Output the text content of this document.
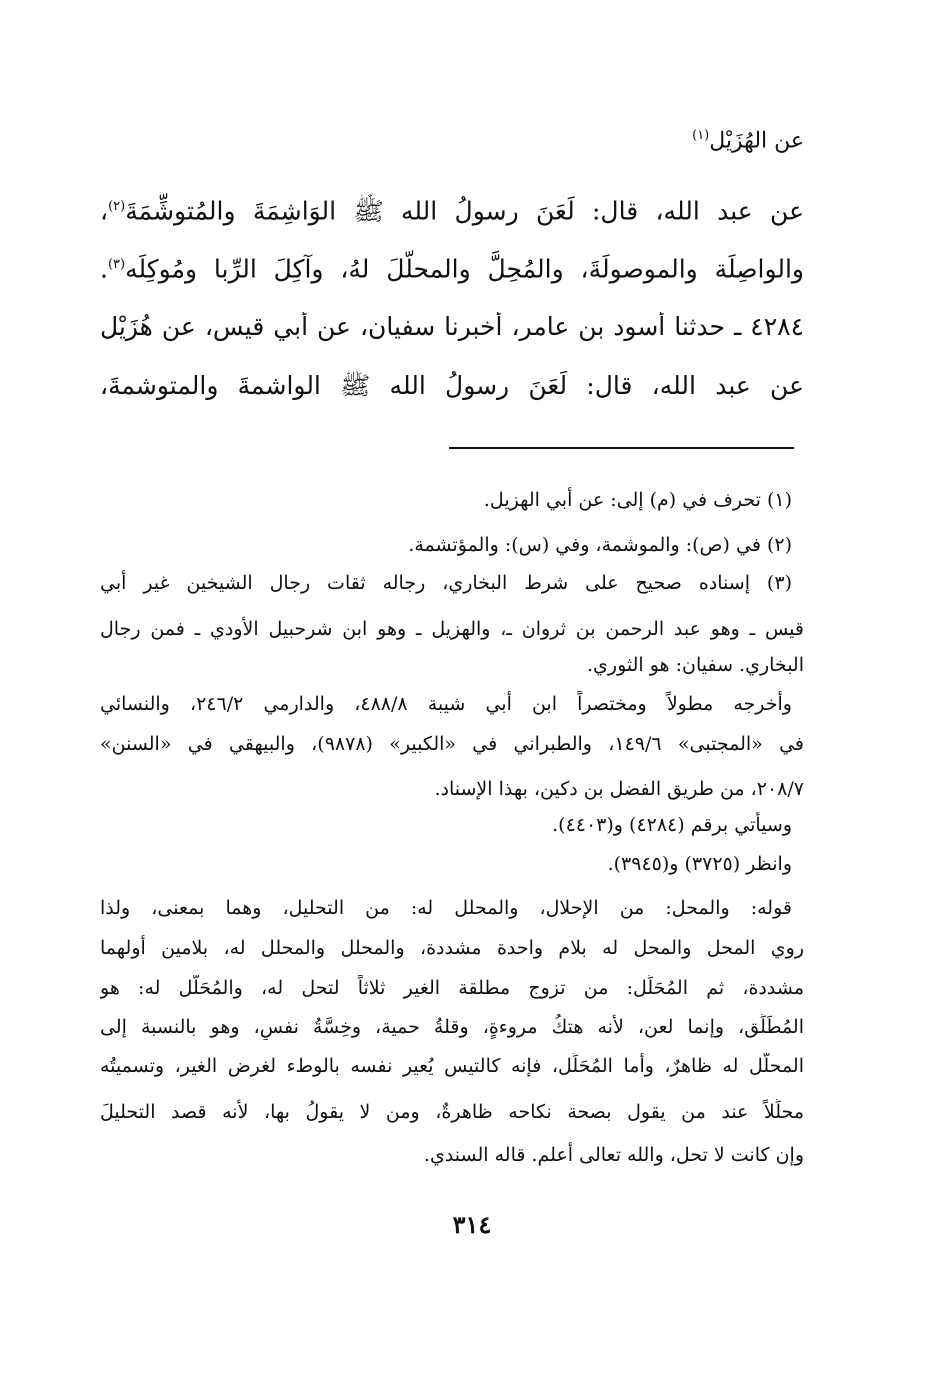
عن الهُزَيْل$^{(١)}$
عن عبد الله، قال: لَعَنَ رسولُ الله ﷺ الوَاشِمَةَ والمُتوشِّمَةَ$^{(٢)}$،
والواصِلَة والموصولَةَ، والمُحِلَّ والمحلَّلَ لهُ، وآكِلَ الرِّبا ومُوكِلَه$^{(٣)}$.
٤٢٨٤ ـ حدثنا أسود بن عامر، أخبرنا سفيان، عن أبي قيس، عن هُزَيْل
عن عبد الله، قال: لَعَنَ رسولُ الله ﷺ الواشمةَ والمتوشمةَ،
(١) تحرف في (م) إلى: عن أبي الهزيل.
(٢) في (ص): والموشمة، وفي (س): والمؤتشمة.
(٣) إسناده صحيح على شرط البخاري، رجاله ثقات رجال الشيخين غير أبي
قيس ـ وهو عبد الرحمن بن ثروان ـ، والهزيل ـ وهو ابن شرحبيل الأودي ـ فمن رجال
البخاري. سفيان: هو الثوري.
وأخرجه مطولاً ومختصراً ابن أبي شيبة ٤٨٨/٨، والدارمي ٢٤٦/٢، والنسائي
في «المجتبى» ١٤٩/٦، والطبراني في «الكبير» (٩٨٧٨)، والبيهقي في «السنن»
٢٠٨/٧، من طريق الفضل بن دكين، بهذا الإسناد.
وسيأتي برقم (٤٢٨٤) و(٤٤٠٣).
وانظر (٣٧٢٥) و(٣٩٤٥).
قوله: والمحل: من الإحلال، والمحلل له: من التحليل، وهما بمعنى، ولذا
روي المحل والمحل له بلام واحدة مشددة، والمحلل والمحلل له، بلامين أولهما
مشددة، ثم المُحَلِّل: من تزوج مطلقة الغير ثلاثاً لتحل له، والمُحَلَّل له: هو
المُطَلِّق، وإنما لعن، لأنه هتكُ مروءةٍ، وقلةُ حمية، وخِسَّةُ نفسٍ، وهو بالنسبة إلى
المحلَّل له ظاهرٌ، وأما المُحَلِّل، فإنه كالتيس يُعير نفسه بالوطء لغرض الغير، وتسميتُه
محلِّلاً عند من يقول بصحة نكاحه ظاهرةٌ، ومن لا يقولُ بها، لأنه قصد التحليلَ
وإن كانت لا تحل، والله تعالى أعلم. قاله السندي.
٣١٤
